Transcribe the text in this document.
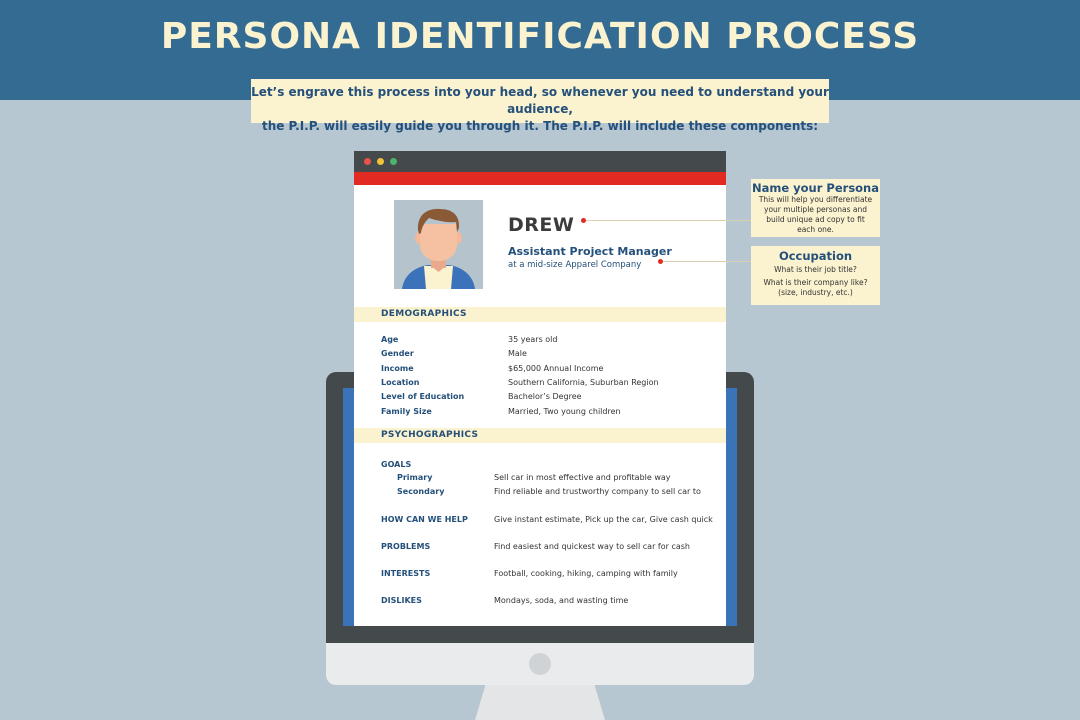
PERSONA IDENTIFICATION PROCESS
Let’s engrave this process into your head, so whenever you need to understand your audience,
the P.I.P. will easily guide you through it. The P.I.P. will include these components:
DREW
Assistant Project Manager
at a mid-size Apparel Company
DEMOGRAPHICS
Age	35 years old
Gender	Male
Income	$65,000 Annual Income
Location	Southern California, Suburban Region
Level of Education	Bachelor’s Degree
Family Size	Married, Two young children
PSYCHOGRAPHICS
GOALS
Primary	Sell car in most effective and profitable way
Secondary	Find reliable and trustworthy company to sell car to
HOW CAN WE HELP	Give instant estimate, Pick up the car, Give cash quick
PROBLEMS	Find easiest and quickest way to sell car for cash
INTERESTS	Football, cooking, hiking, camping with family
DISLIKES	Mondays, soda, and wasting time
Name your Persona
This will help you differentiate
your multiple personas and
build unique ad copy to fit
each one.
Occupation
What is their job title?
What is their company like?
(size, industry, etc.)
